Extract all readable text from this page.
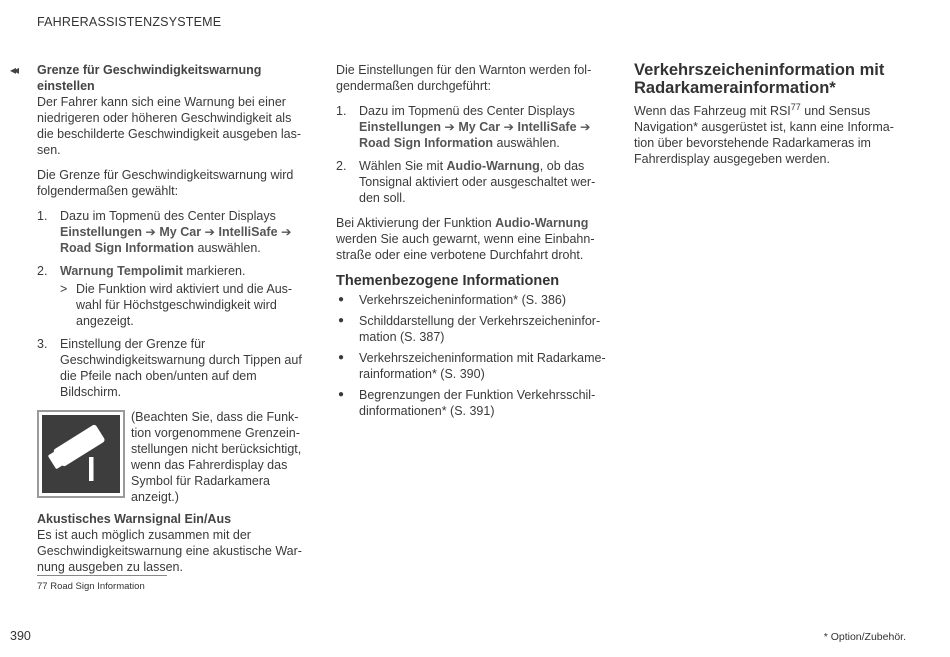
FAHRERASSISTENZSYSTEME
◂◂ Grenze für Geschwindigkeitswarnung
einstellen

Der Fahrer kann sich eine Warnung bei einer niedrigeren oder höheren Geschwindigkeit als die beschilderte Geschwindigkeit ausgeben lassen.

Die Grenze für Geschwindigkeitswarnung wird folgendermaßen gewählt:

1. Dazu im Topmenü des Center Displays
Einstellungen ➔ My Car ➔ IntelliSafe ➔ Road Sign Information auswählen.
2. Warnung Tempolimit markieren.
> Die Funktion wird aktiviert und die Auswahl für Höchstgeschwindigkeit wird angezeigt.
3. Einstellung der Grenze für Geschwindigkeitswarnung durch Tippen auf die Pfeile nach oben/unten auf dem Bildschirm.
(Beachten Sie, dass die Funktion vorgenommene Grenzeinstellungen nicht berücksichtigt, wenn das Fahrerdisplay das Symbol für Radarkamera anzeigt.)

Akustisches Warnsignal Ein/Aus

Es ist auch möglich zusammen mit der Geschwindigkeitswarnung eine akustische Warnung ausgeben zu lassen.

Die Einstellungen für den Warnton werden folgendermaßen durchgeführt:

1. Dazu im Topmenü des Center Displays
Einstellungen ➔ My Car ➔ IntelliSafe ➔ Road Sign Information auswählen.
2. Wählen Sie mit Audio-Warnung, ob das Tonsignal aktiviert oder ausgeschaltet werden soll.

Bei Aktivierung der Funktion Audio-Warnung werden Sie auch gewarnt, wenn eine Einbahnstraße oder eine verbotene Durchfahrt droht.

Themenbezogene Informationen
● Verkehrszeicheninformation* (S. 386)
● Schilddarstellung der Verkehrszeicheninformation (S. 387)
● Verkehrszeicheninformation mit Radarkamerainformation* (S. 390)
● Begrenzungen der Funktion Verkehrsschildinformationen* (S. 391)
Verkehrszeicheninformation mit Radarkamerainformation*

Wenn das Fahrzeug mit RSI$^{77}$ und Sensus Navigation* ausgerüstet ist, kann eine Information über bevorstehende Radarkameras im Fahrerdisplay ausgegeben werden.

77 Road Sign Information
390	* Option/Zubehör.
